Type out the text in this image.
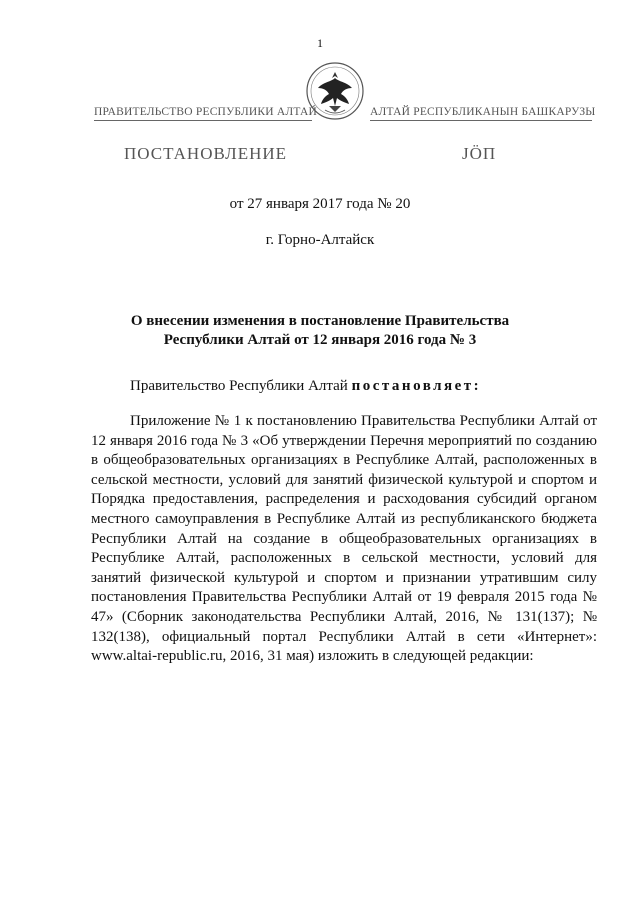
1
ПРАВИТЕЛЬСТВО РЕСПУБЛИКИ АЛТАЙ	АЛТАЙ РЕСПУБЛИКАНЫН БАШКАРУЗЫ
ПОСТАНОВЛЕНИЕ	JӦП
от 27 января 2017 года № 20
г. Горно-Алтайск
О внесении изменения в постановление Правительства
Республики Алтай от 12 января 2016 года № 3
Правительство Республики Алтай постановляет:

Приложение № 1 к постановлению Правительства Республики Алтай от 12 января 2016 года № 3 «Об утверждении Перечня мероприятий по созданию в общеобразовательных организациях в Республике Алтай, расположенных в сельской местности, условий для занятий физической культурой и спортом и Порядка предоставления, распределения и расходования субсидий органом местного самоуправления в Республике Алтай из республиканского бюджета Республики Алтай на создание в общеобразовательных организациях в Республике Алтай, расположенных в сельской местности, условий для занятий физической культурой и спортом и признании утратившим силу постановления Правительства Республики Алтай от 19 февраля 2015 года № 47» (Сборник законодательства Республики Алтай, 2016, № 131(137); № 132(138), официальный портал Республики Алтай в сети «Интернет»: www.altai-republic.ru, 2016, 31 мая) изложить в следующей редакции:
